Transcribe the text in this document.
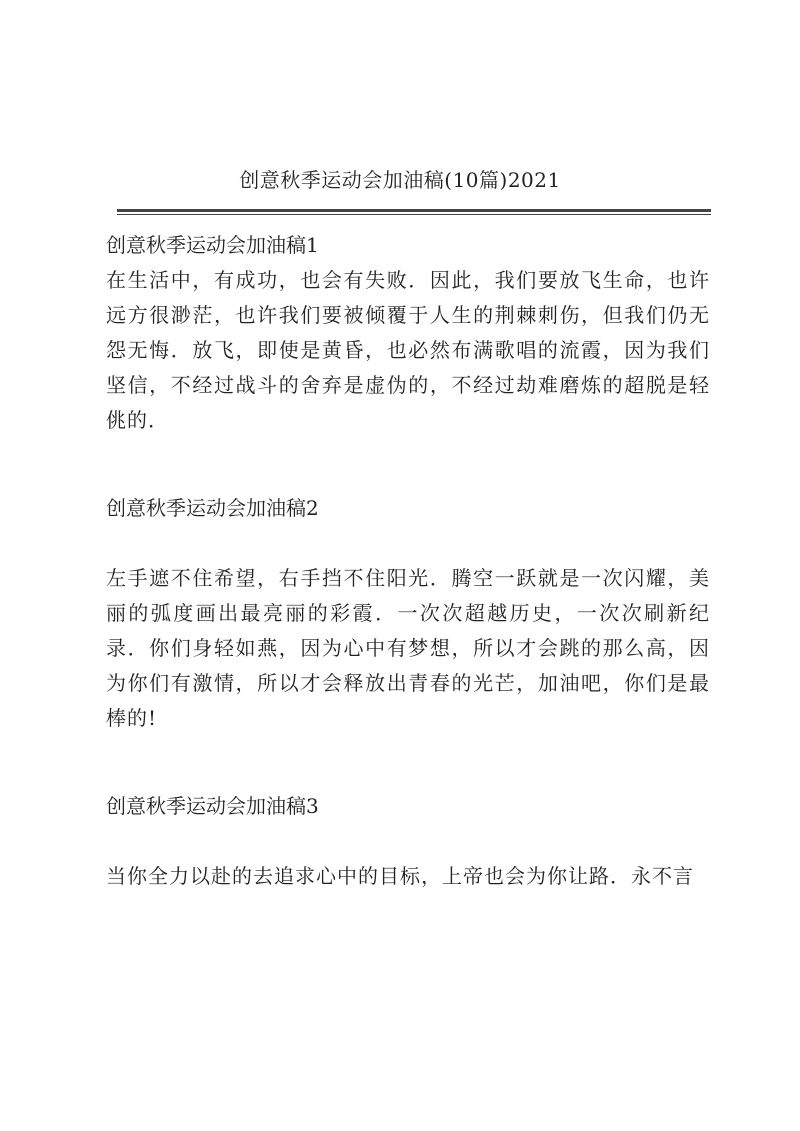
创意秋季运动会加油稿(10篇)2021
创意秋季运动会加油稿1
在生活中，有成功，也会有失败．因此，我们要放飞生命，也许远方很渺茫，也许我们要被倾覆于人生的荆棘刺伤，但我们仍无怨无悔．放飞，即使是黄昏，也必然布满歌唱的流霞，因为我们坚信，不经过战斗的舍弃是虚伪的，不经过劫难磨炼的超脱是轻佻的．
创意秋季运动会加油稿2
左手遮不住希望，右手挡不住阳光．腾空一跃就是一次闪耀，美丽的弧度画出最亮丽的彩霞．一次次超越历史，一次次刷新纪录．你们身轻如燕，因为心中有梦想，所以才会跳的那么高，因为你们有激情，所以才会释放出青春的光芒，加油吧，你们是最棒的!
创意秋季运动会加油稿3
当你全力以赴的去追求心中的目标，上帝也会为你让路．永不言
